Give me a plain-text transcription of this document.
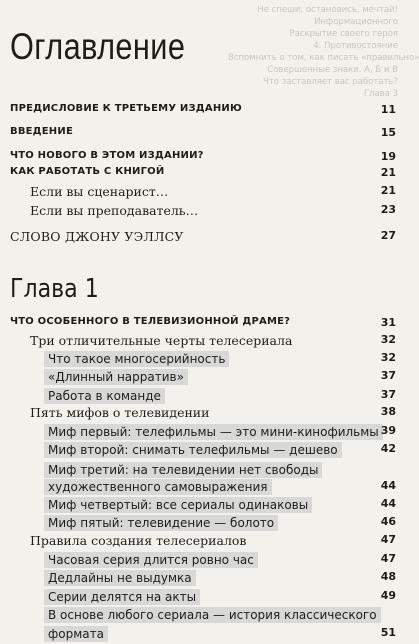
Не спеши, остановись, мечтай!
Информационного
Раскрытие своего героя
4. Противостояние
Вспомнить о том, как писать «правильно»
Совершенные знаки. А, Б и В
Что заставляет вас работать?
Глава 3
Оглавление
ПРЕДИСЛОВИЕ К ТРЕТЬЕМУ ИЗДАНИЮ	11
ВВЕДЕНИЕ	15
ЧТО НОВОГО В ЭТОМ ИЗДАНИИ?	19
КАК РАБОТАТЬ С КНИГОЙ	21
Если вы сценарист…	21
Если вы преподаватель…	23
СЛОВО ДЖОНУ УЭЛЛСУ	27
Глава 1
ЧТО ОСОБЕННОГО В ТЕЛЕВИЗИОННОЙ ДРАМЕ?	31
Три отличительные черты телесериала	32
Что такое многосерийность	32
«Длинный нарратив»	37
Работа в команде	37
Пять мифов о телевидении	38
Миф первый: телефильмы — это мини-кинофильмы 39
Миф второй: снимать телефильмы — дешево	42
Миф третий: на телевидении нет свободы
художественного самовыражения	44
Миф четвертый: все сериалы одинаковы	44
Миф пятый: телевидение — болото	46
Правила создания телесериалов	47
Часовая серия длится ровно час	47
Дедлайны не выдумка	48
Серии делятся на акты	49
В основе любого сериала — история классического
формата	51
